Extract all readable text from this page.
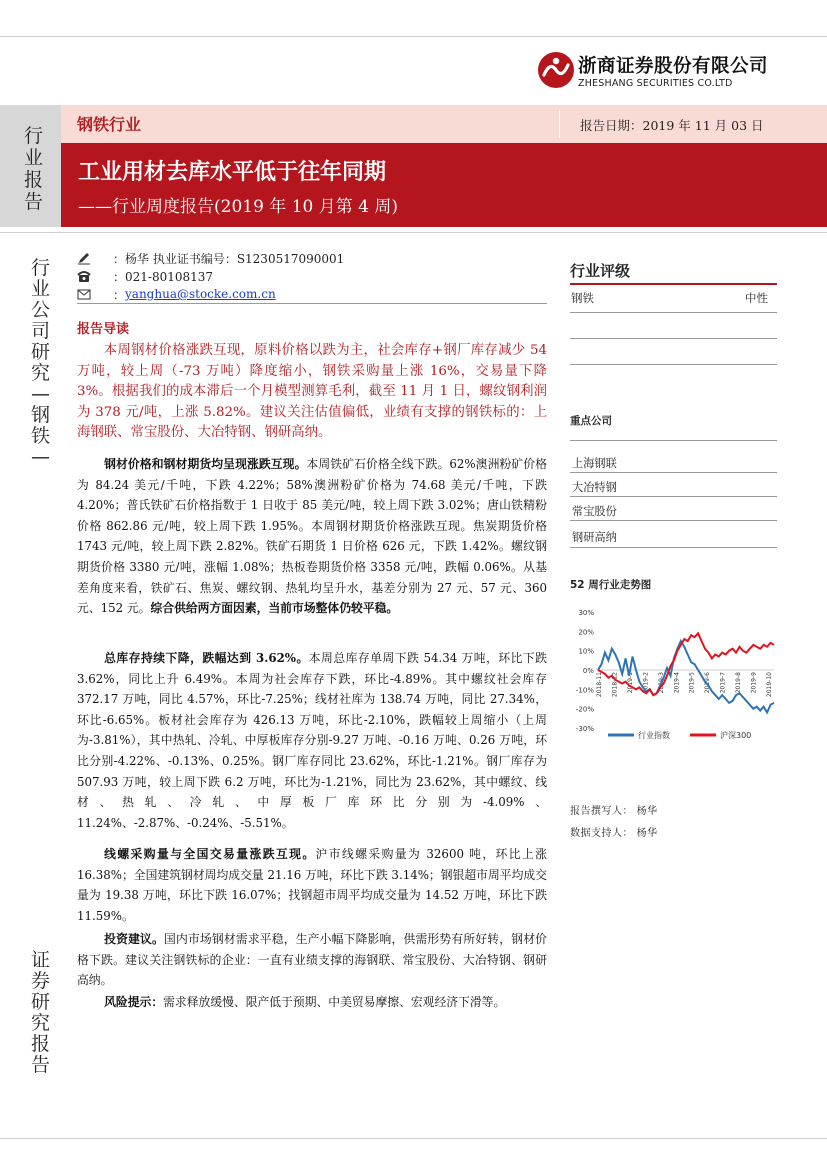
浙商证券股份有限公司
ZHESHANG SECURITIES CO.LTD
行业报告
钢铁行业	报告日期：2019 年 11 月 03 日
工业用材去库水平低于往年同期
——行业周度报告(2019 年 10 月第 4 周)
行业公司研究—钢铁—
证券研究报告
：杨华 执业证书编号：S1230517090001
：021-80108137
： yanghua@stocke.com.cn
报告导读
本周钢材价格涨跌互现，原料价格以跌为主，社会库存+钢厂库存减少 54 万吨，较上周（-73 万吨）降度缩小，钢铁采购量上涨 16%，交易量下降 3%。根据我们的成本滞后一个月模型测算毛利，截至 11 月 1 日，螺纹钢利润为 378 元/吨，上涨 5.82%。建议关注估值偏低，业绩有支撑的钢铁标的：上海钢联、常宝股份、大冶特钢、钢研高纳。
钢材价格和钢材期货均呈现涨跌互现。本周铁矿石价格全线下跌。62%澳洲粉矿价格为 84.24 美元/千吨，下跌 4.22%；58%澳洲粉矿价格为 74.68 美元/千吨，下跌 4.20%；普氏铁矿石价格指数于 1 日收于 85 美元/吨，较上周下跌 3.02%；唐山铁精粉价格 862.86 元/吨，较上周下跌 1.95%。本周钢材期货价格涨跌互现。焦炭期货价格 1743 元/吨，较上周下跌 2.82%。铁矿石期货 1 日价格 626 元，下跌 1.42%。螺纹钢期货价格 3380 元/吨，涨幅 1.08%；热板卷期货价格 3358 元/吨，跌幅 0.06%。从基差角度来看，铁矿石、焦炭、螺纹钢、热轧均呈升水，基差分别为 27 元、57 元、360 元、152 元。综合供给两方面因素，当前市场整体仍较平稳。
总库存持续下降，跌幅达到 3.62%。本周总库存单周下跌 54.34 万吨，环比下跌 3.62%，同比上升 6.49%。本周为社会库存下跌，环比-4.89%。其中螺纹社会库存 372.17 万吨，同比 4.57%，环比-7.25%；线材社库为 138.74 万吨，同比 27.34%，环比-6.65%。板材社会库存为 426.13 万吨，环比-2.10%，跌幅较上周缩小（上周为-3.81%），其中热轧、冷轧、中厚板库存分别-9.27 万吨、-0.16 万吨、0.26 万吨，环比分别-4.22%、-0.13%、0.25%。钢厂库存同比 23.62%，环比-1.21%。钢厂库存为 507.93 万吨，较上周下跌 6.2 万吨，环比为-1.21%，同比为 23.62%，其中螺纹、线材、热轧、冷轧、中厚板厂库环比分别为-4.09%、11.24%、-2.87%、-0.24%、-5.51%。
线螺采购量与全国交易量涨跌互现。沪市线螺采购量为 32600 吨，环比上涨 16.38%；全国建筑钢材周均成交量 21.16 万吨，环比下跌 3.14%；钢银超市周平均成交量为 19.38 万吨，环比下跌 16.07%；找钢超市周平均成交量为 14.52 万吨，环比下跌 11.59%。
投资建议。国内市场钢材需求平稳，生产小幅下降影响，供需形势有所好转，钢材价格下跌。建议关注钢铁标的企业：一直有业绩支撑的海钢联、常宝股份、大冶特钢、钢研高纳。
风险提示：需求释放缓慢、限产低于预期、中美贸易摩擦、宏观经济下滑等。
行业评级
钢铁	中性
重点公司
上海钢联
大冶特钢
常宝股份
钢研高纳
52 周行业走势图
30%
20%
10%
0%
-10%
-20%
-30%
2018-11 2018-12 2019-1 2019-2 2019-3 2019-4 2019-5 2019-6 2019-7 2019-8 2019-9 2019-10
行业指数	沪深300
报告撰写人： 杨华
数据支持人： 杨华
